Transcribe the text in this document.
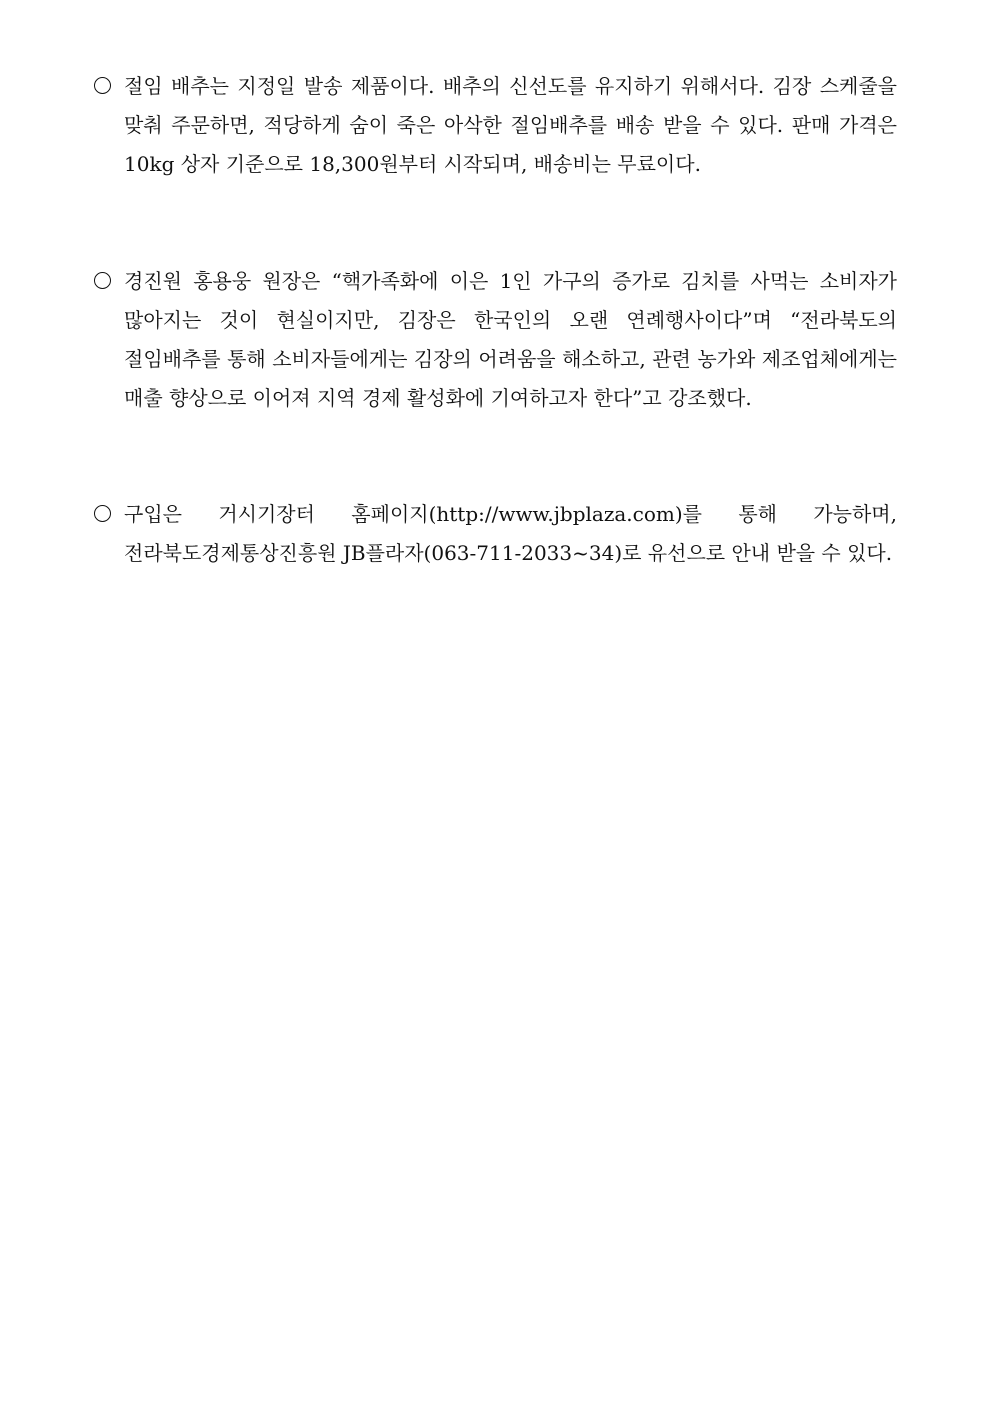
절임 배추는 지정일 발송 제품이다. 배추의 신선도를 유지하기 위해서다. 김장 스케줄을 맞춰 주문하면, 적당하게 숨이 죽은 아삭한 절임배추를 배송 받을 수 있다. 판매 가격은 10kg 상자 기준으로 18,300원부터 시작되며, 배송비는 무료이다.
경진원 홍용웅 원장은 “핵가족화에 이은 1인 가구의 증가로 김치를 사먹는 소비자가 많아지는 것이 현실이지만, 김장은 한국인의 오랜 연례행사이다”며 “전라북도의 절임배추를 통해 소비자들에게는 김장의 어려움을 해소하고, 관련 농가와 제조업체에게는 매출 향상으로 이어져 지역 경제 활성화에 기여하고자 한다”고 강조했다.
구입은 거시기장터 홈페이지(http://www.jbplaza.com)를 통해 가능하며, 전라북도경제통상진흥원 JB플라자(063-711-2033~34)로 유선으로 안내 받을 수 있다.
